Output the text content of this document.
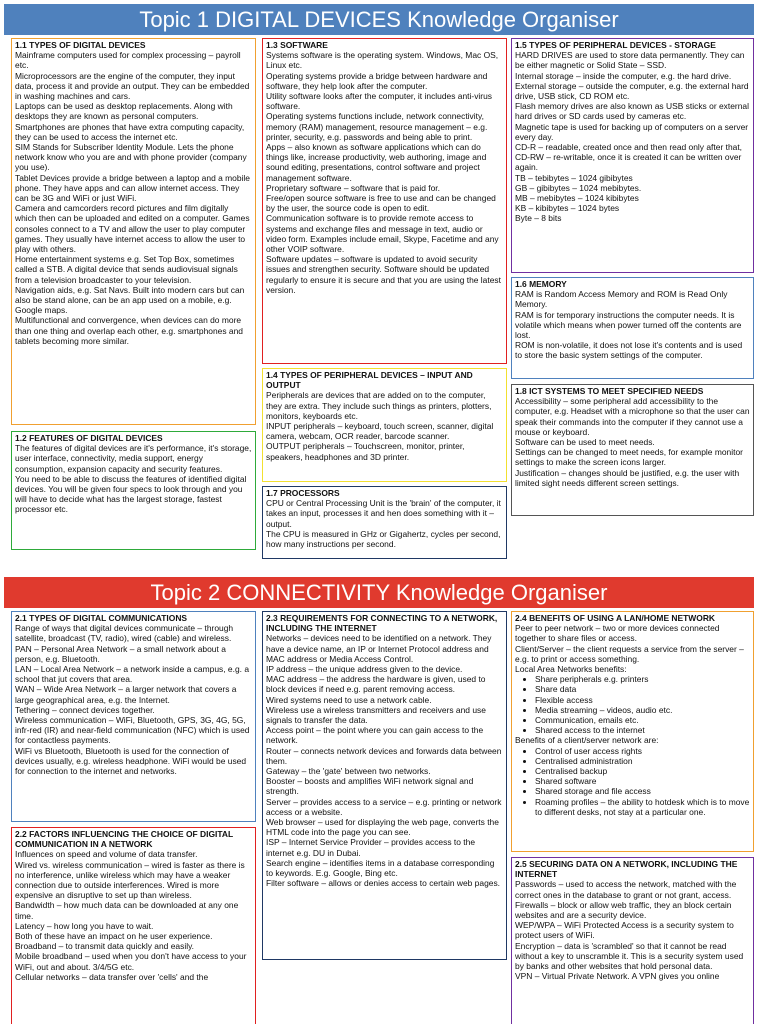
Topic 1 DIGITAL DEVICES Knowledge Organiser
1.1 TYPES OF DIGITAL DEVICES

Mainframe computers used for complex processing – payroll etc.

Microprocessors are the engine of the computer, they input data, process it and provide an output. They can be embedded in washing machines and cars.

Laptops can be used as desktop replacements. Along with desktops they are known as personal computers.

Smartphones are phones that have extra computing capacity, they can be used to access the internet etc.

SIM Stands for Subscriber Identity Module. Lets the phone network know who you are and with phone provider (company you use).

Tablet Devices provide a bridge between a laptop and a mobile phone. They have apps and can allow internet access. They can be 3G and WiFi or just WiFi.

Camera and camcorders record pictures and film digitally which then can be uploaded and edited on a computer. Games consoles connect to a TV and allow the user to play computer games. They usually have internet access to allow the user to play with others.

Home entertainment systems e.g. Set Top Box, sometimes called a STB. A digital device that sends audiovisual signals from a television broadcaster to your television.

Navigation aids, e.g. Sat Navs. Built into modern cars but can also be stand alone, can be an app used on a mobile, e.g. Google maps.

Multifunctional and convergence, when devices can do more than one thing and overlap each other, e.g. smartphones and tablets becoming more similar.

1.2 FEATURES OF DIGITAL DEVICES

The features of digital devices are it's performance, it's storage, user interface, connectivity, media support, energy consumption, expansion capacity and security features.

You need to be able to discuss the features of identified digital devices. You will be given four specs to look through and you will have to decide what has the largest storage, fastest processor etc.

1.3 SOFTWARE

Systems software is the operating system. Windows, Mac OS, Linux etc.

Operating systems provide a bridge between hardware and software, they help look after the computer.

Utility software looks after the computer, it includes anti-virus software.

Operating systems functions include, network connectivity, memory (RAM) management, resource management – e.g. printer, security, e.g. passwords and being able to print.

Apps – also known as software applications which can do things like, increase productivity, web authoring, image and sound editing, presentations, control software and project management software.

Proprietary software – software that is paid for.

Free/open source software is free to use and can be changed by the user, the source code is open to edit.

Communication software is to provide remote access to systems and exchange files and message in text, audio or video form. Examples include email, Skype, Facetime and any other VOIP software.

Software updates – software is updated to avoid security issues and strengthen security. Software should be updated regularly to ensure it is secure and that you are using the latest version.

1.4 TYPES OF PERIPHERAL DEVICES – INPUT AND OUTPUT

Peripherals are devices that are added on to the computer, they are extra. They include such things as printers, plotters, monitors, keyboards etc.

INPUT peripherals – keyboard, touch screen, scanner, digital camera, webcam, OCR reader, barcode scanner.

OUTPUT peripherals – Touchscreen, monitor, printer, speakers, headphones and 3D printer.

1.7 PROCESSORS

CPU or Central Processing Unit is the 'brain' of the computer, it takes an input, processes it and hen does something with it – output.

The CPU is measured in GHz or Gigahertz, cycles per second, how many instructions per second.

1.5 TYPES OF PERIPHERAL DEVICES - STORAGE

HARD DRIVES are used to store data permanently. They can be either magnetic or Solid State – SSD.

Internal storage – inside the computer, e.g. the hard drive.

External storage – outside the computer, e.g. the external hard drive, USB stick, CD ROM etc.

Flash memory drives are also known as USB sticks or external hard drives or SD cards used by cameras etc.

Magnetic tape is used for backing up of computers on a server every day.

CD-R – readable, created once and then read only after that, CD-RW – re-writable, once it is created it can be written over again.

TB – tebibytes – 1024 gibibytes

GB – gibibytes – 1024 mebibytes.

MB – mebibytes – 1024 kibibytes

KB – kibibytes – 1024 bytes

Byte – 8 bits

1.6 MEMORY

RAM is Random Access Memory and ROM is Read Only Memory.

RAM is for temporary instructions the computer needs. It is volatile which means when power turned off the contents are lost.

ROM is non-volatile, it does not lose it's contents and is used to store the basic system settings of the computer.

1.8 ICT SYSTEMS TO MEET SPECIFIED NEEDS

Accessibility – some peripheral add accessibility to the computer, e.g. Headset with a microphone so that the user can speak their commands into the computer if they cannot use a mouse or keyboard.

Software can be used to meet needs.

Settings can be changed to meet needs, for example monitor settings to make the screen icons larger.

Justification – changes should be justified, e.g. the user with limited sight needs different screen settings.

Topic 2 CONNECTIVITY Knowledge Organiser
2.1 TYPES OF DIGITAL COMMUNICATIONS

Range of ways that digital devices communicate – through satellite, broadcast (TV, radio), wired (cable) and wireless.

PAN – Personal Area Network – a small network about a person, e.g. Bluetooth.

LAN – Local Area Network – a network inside a campus, e.g. a school that jut covers that area.

WAN – Wide Area Network – a larger network that covers a large geographical area, e.g. the Internet.

Tethering – connect devices together.

Wireless communication – WiFi, Bluetooth, GPS, 3G, 4G, 5G, infr-red (IR) and near-field communication (NFC) which is used for contactless payments.

WiFi vs Bluetooth, Bluetooth is used for the connection of devices usually, e.g. wireless headphone. WiFi would be used for connection to the internet and networks.

2.2 FACTORS INFLUENCING THE CHOICE OF DIGITAL COMMUNICATION IN A NETWORK

Influences on speed and volume of data transfer.

Wired vs. wireless communication – wired is faster as there is no interference, unlike wireless which may have a weaker connection due to outside interferences. Wired is more expensive an disruptive to set up than wireless.

Bandwidth – how much data can be downloaded at any one time.

Latency – how long you have to wait.

Both of these have an impact on he user experience.

Broadband – to transmit data quickly and easily.

Mobile broadband – used when you don't have access to your WiFi, out and about. 3/4/5G etc.

Cellular networks – data transfer over 'cells' and the

2.3 REQUIREMENTS FOR CONNECTING TO A NETWORK, INCLUDING THE INTERNET

Networks – devices need to be identified on a network. They have a device name, an IP or Internet Protocol address and MAC address or Media Access Control.

IP address – the unique address given to the device.

MAC address – the address the hardware is given, used to block devices if need e.g. parent removing access.

Wired systems need to use a network cable.

Wireless use a wireless transmitters and receivers and use signals to transfer the data.

Access point – the point where you can gain access to the network.

Router – connects network devices and forwards data between them.

Gateway – the 'gate' between two networks.

Booster – boosts and amplifies WiFi network signal and strength.

Server – provides access to a service – e.g. printing or network access or a website.

Web browser – used for displaying the web page, converts the HTML code into the page you can see.

ISP – Internet Service Provider – provides access to the internet e.g. DU in Dubai.

Search engine – identifies items in a database corresponding to keywords. E.g. Google, Bing etc.

Filter software – allows or denies access to certain web pages.

2.4 BENEFITS OF USING A LAN/HOME NETWORK

Peer to peer network – two or more devices connected together to share files or access.

Client/Server – the client requests a service from the server – e.g. to print or access something.

Local Area Networks benefits:

• Share peripherals e.g. printers
• Share data
• Flexible access
• Media streaming – videos, audio etc.
• Communication, emails etc.
• Shared access to the internet

Benefits of a client/server network are:

• Control of user access rights
• Centralised administration
• Centralised backup
• Shared software
• Shared storage and file access
• Roaming profiles – the ability to hotdesk which is to move to different desks, not stay at a particular one.
2.5 SECURING DATA ON A NETWORK, INCLUDING THE INTERNET

Passwords – used to access the network, matched with the correct ones in the database to grant or not grant, access.

Firewalls – block or allow web traffic, they an block certain websites and are a security device.

WEP/WPA – WiFi Protected Access is a security system to protect users of WiFi.

Encryption – data is 'scrambled' so that it cannot be read without a key to unscramble it. This is a security system used by banks and other websites that hold personal data.

VPN – Virtual Private Network. A VPN gives you online
